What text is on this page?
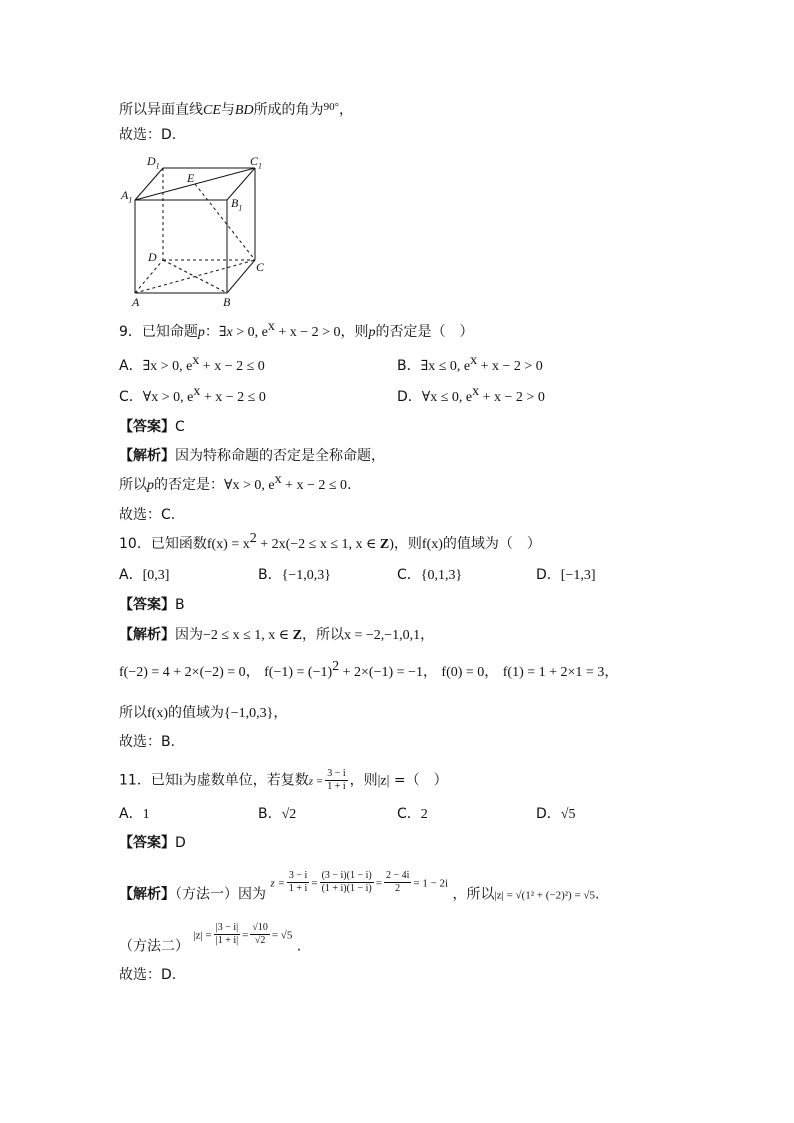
所以异面直线CE与BD所成的角为$^{90^\circ}$，
故选：D.
$D_1$	$C_1$
$A_1$	$B_1$
E
D
C
A	B
9．已知命题p：∃x > 0, $e^x + x - 2 > 0$，则p的否定是（　）
A．∃x > 0, $e^x + x - 2 \le 0$	B．∃x ≤ 0, $e^x + x - 2 > 0$
C．∀x > 0, $e^x + x - 2 \le 0$	D．∀x ≤ 0, $e^x + x - 2 > 0$
【答案】C
【解析】因为特称命题的否定是全称命题，
所以p的否定是：∀x > 0, $e^x + x - 2 \le 0$.
故选：C.
10．已知函数$f(x) = x^2 + 2x(-2 \le x \le 1$, x ∈ Z)，则f(x)的值域为（　）
A．[0,3]	B．{−1,0,3}	C．{0,1,3}	D．[−1,3]
【答案】B
【解析】因为−2 ≤ x ≤ 1, x ∈ Z，所以x = −2,−1,0,1，
f(−2) = 4 + 2×(−2) = 0， $f(-1) = (-1)^2 + 2\times(-1) = -1$， f(0) = 0， f(1) = 1 + 2×1 = 3，
所以f(x)的值域为{−1,0,3}，
故选：B.
11．已知i为虚数单位，若复数$z = \frac{3 - i}{1 + i}$ ，则|z| =（　）
A．1	B．√2	C．2	D．√5
【答案】D
【解析】（方法一）因为 $z = \frac{3 - i}{1 + i} = \frac{(3 - i)(1 - i)}{(1 + i)(1 - i)} = \frac{2 - 4i}{2} = 1 - 2i$ ，所以|z| = √(1² + (−2)²) = √5.
（方法二） $|z| = \frac{|3 - i|}{|1 + i|} = \frac{√10}{√2} = √5$ .
故选：D.
